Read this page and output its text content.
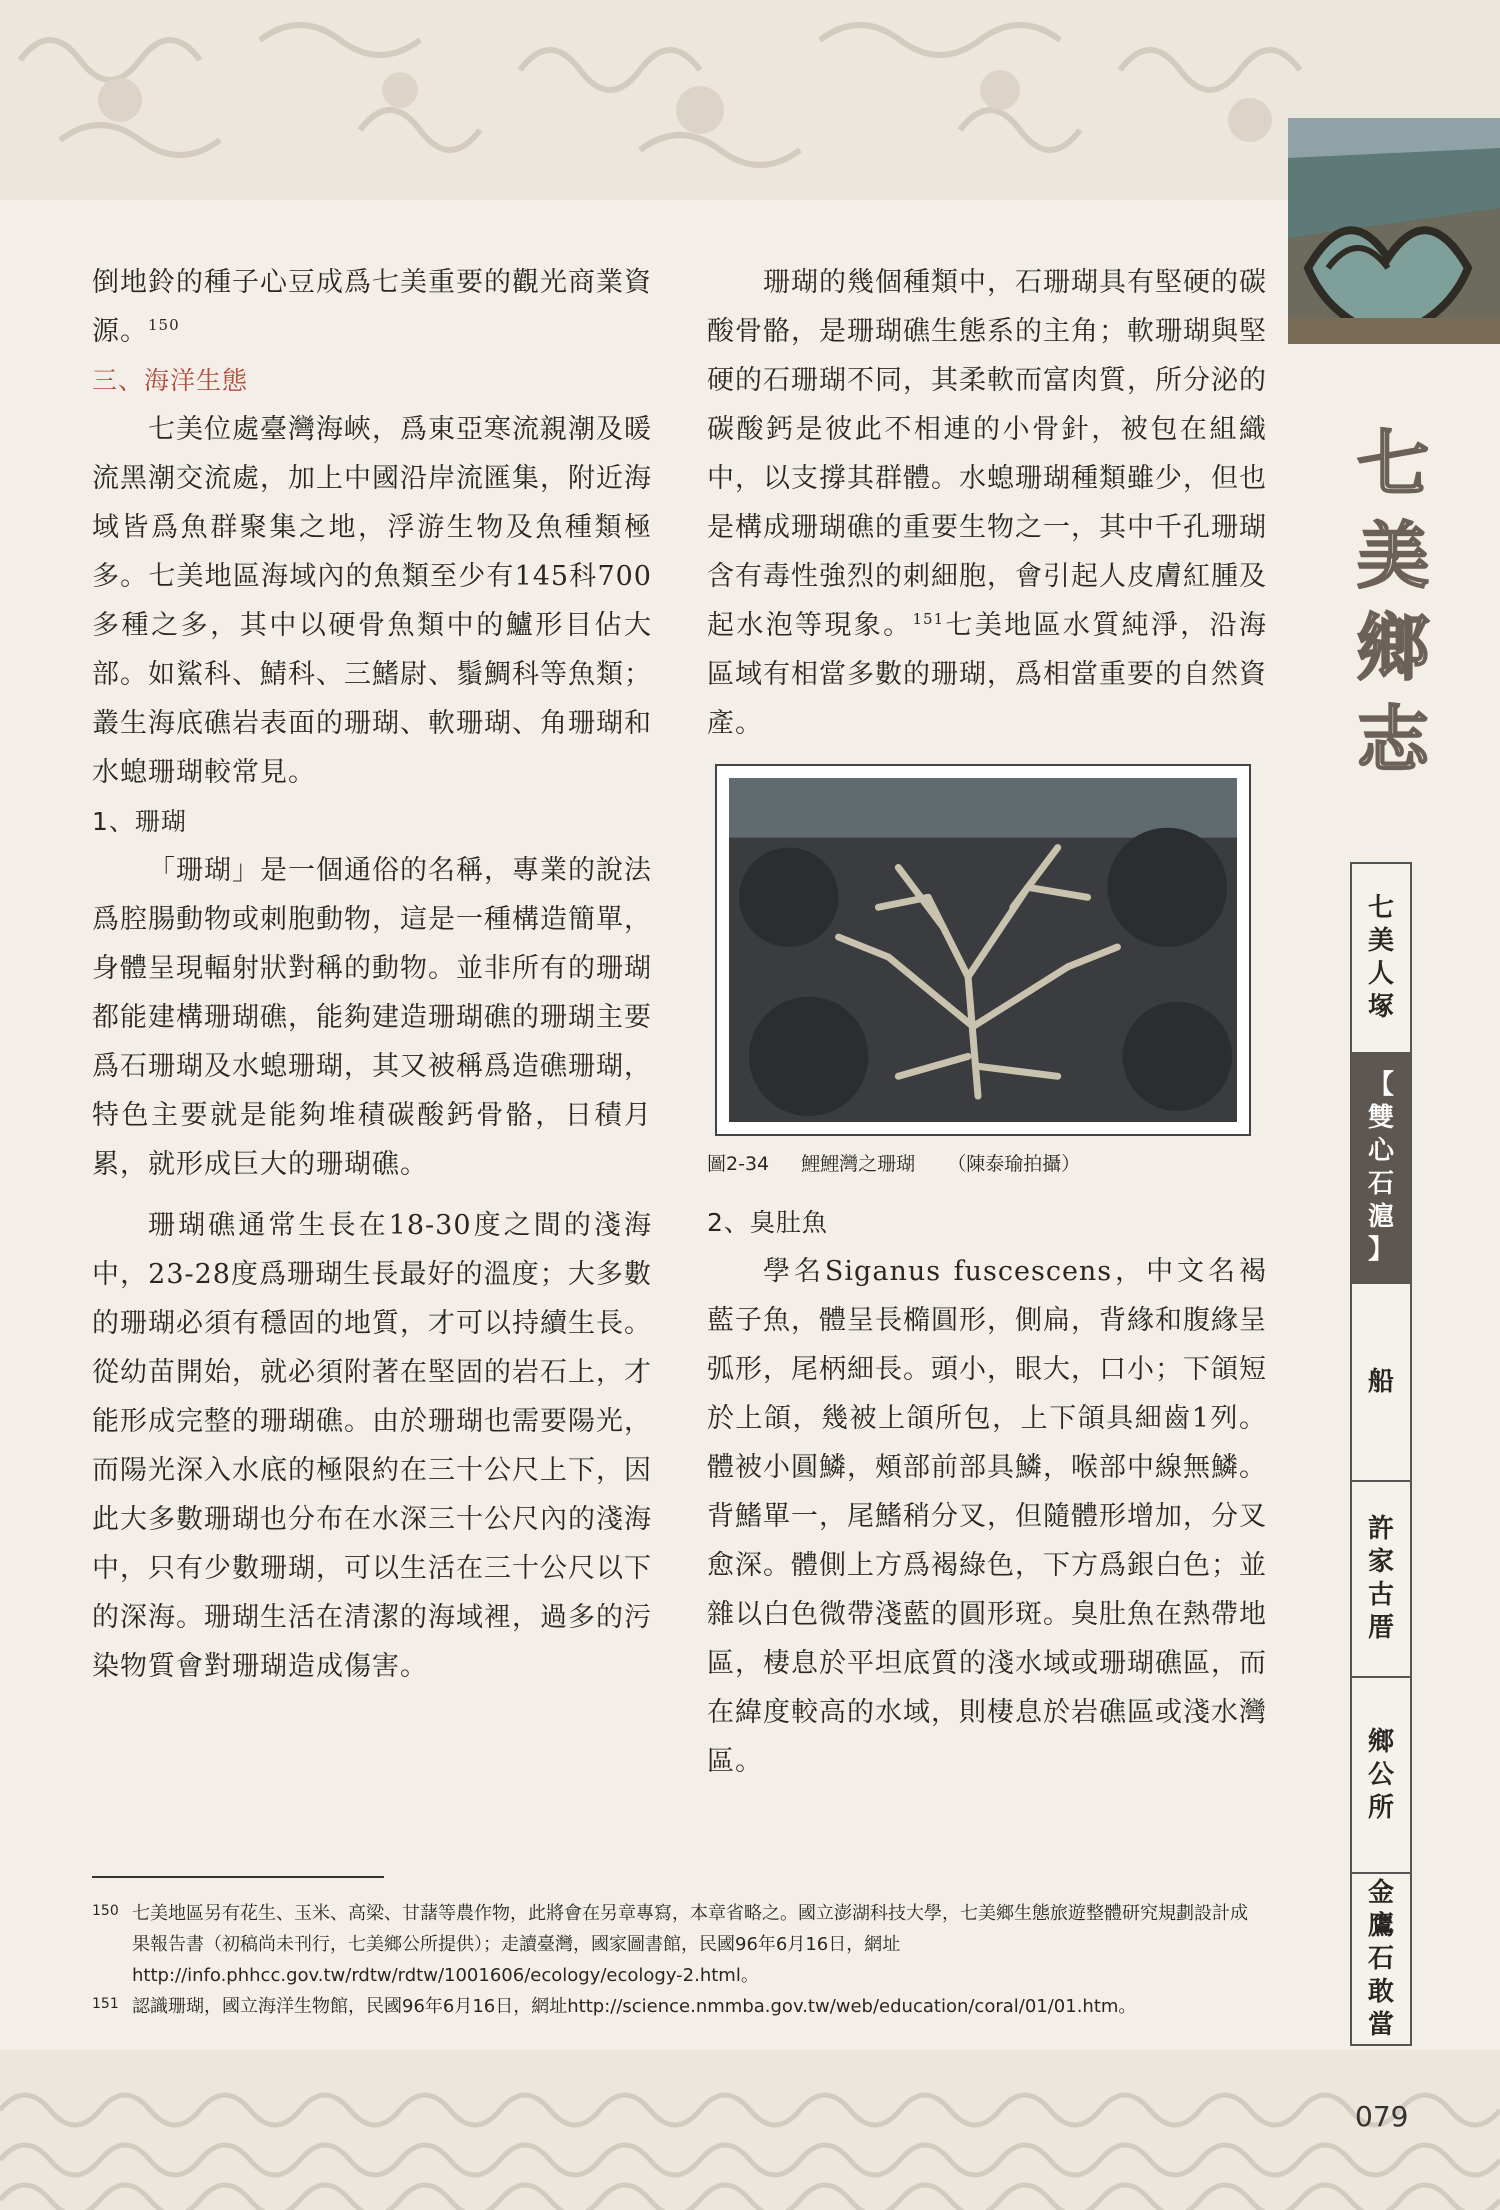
七
美
鄉
志

倒地鈴的種子心豆成爲七美重要的觀光商業資源。$^{150}$

三、海洋生態

七美位處臺灣海峽，爲東亞寒流親潮及暖流黑潮交流處，加上中國沿岸流匯集，附近海域皆爲魚群聚集之地，浮游生物及魚種類極多。七美地區海域內的魚類至少有145科700多種之多，其中以硬骨魚類中的鱸形目佔大部。如鯊科、鯖科、三鰭尉、鬚鯛科等魚類；叢生海底礁岩表面的珊瑚、軟珊瑚、角珊瑚和水螅珊瑚較常見。

1、珊瑚

「珊瑚」是一個通俗的名稱，專業的說法爲腔腸動物或刺胞動物，這是一種構造簡單，身體呈現輻射狀對稱的動物。並非所有的珊瑚都能建構珊瑚礁，能夠建造珊瑚礁的珊瑚主要爲石珊瑚及水螅珊瑚，其又被稱爲造礁珊瑚，特色主要就是能夠堆積碳酸鈣骨骼，日積月累，就形成巨大的珊瑚礁。

珊瑚礁通常生長在18-30度之間的淺海中，23-28度爲珊瑚生長最好的溫度；大多數的珊瑚必須有穩固的地質，才可以持續生長。從幼苗開始，就必須附著在堅固的岩石上，才能形成完整的珊瑚礁。由於珊瑚也需要陽光，而陽光深入水底的極限約在三十公尺上下，因此大多數珊瑚也分布在水深三十公尺內的淺海中，只有少數珊瑚，可以生活在三十公尺以下的深海。珊瑚生活在清潔的海域裡，過多的污染物質會對珊瑚造成傷害。

珊瑚的幾個種類中，石珊瑚具有堅硬的碳酸骨骼，是珊瑚礁生態系的主角；軟珊瑚與堅硬的石珊瑚不同，其柔軟而富肉質，所分泌的碳酸鈣是彼此不相連的小骨針，被包在組織中，以支撐其群體。水螅珊瑚種類雖少，但也是構成珊瑚礁的重要生物之一，其中千孔珊瑚含有毒性強烈的刺細胞，會引起人皮膚紅腫及起水泡等現象。$^{151}$七美地區水質純淨，沿海區域有相當多數的珊瑚，爲相當重要的自然資產。

圖2-34 鯉鯉灣之珊瑚 （陳泰瑜拍攝）

2、臭肚魚

學名Siganus fuscescens，中文名褐藍子魚，體呈長橢圓形，側扁，背緣和腹緣呈弧形，尾柄細長。頭小，眼大，口小；下頜短於上頜，幾被上頜所包，上下頜具細齒1列。體被小圓鱗，頰部前部具鱗，喉部中線無鱗。背鰭單一，尾鰭稍分叉，但隨體形增加，分叉愈深。體側上方爲褐綠色，下方爲銀白色；並雜以白色微帶淺藍的圓形斑。臭肚魚在熱帶地區，棲息於平坦底質的淺水域或珊瑚礁區，而在緯度較高的水域，則棲息於岩礁區或淺水灣區。

七
美
人
塚
【
雙
心
石
滬
】
船
許
家
古
厝
鄉
公
所
金
鷹
石
敢
當
150 七美地區另有花生、玉米、高梁、甘藷等農作物，此將會在另章專寫，本章省略之。國立澎湖科技大學，七美鄉生態旅遊整體研究規劃設計成果報告書（初稿尚未刊行，七美鄉公所提供）；走讀臺灣，國家圖書館，民國96年6月16日，網址http://info.phhcc.gov.tw/rdtw/rdtw/1001606/ecology/ecology-2.html。
151 認識珊瑚，國立海洋生物館，民國96年6月16日，網址http://science.nmmba.gov.tw/web/education/coral/01/01.htm。
079
